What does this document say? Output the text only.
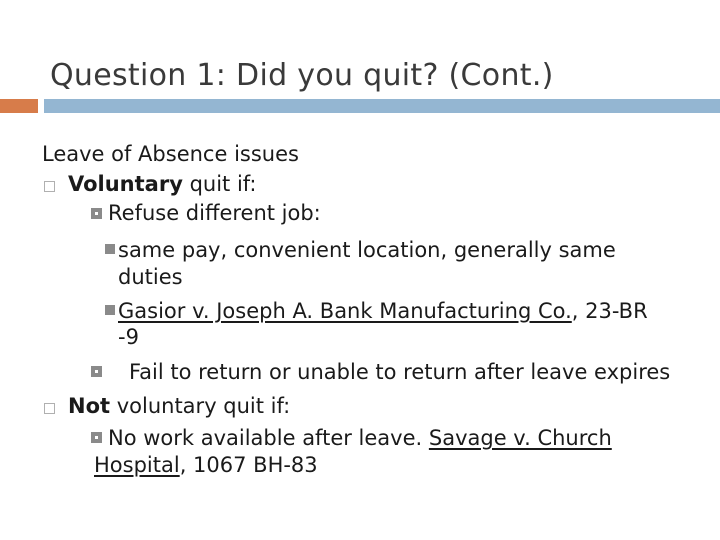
Question 1: Did you quit? (Cont.)
Leave of Absence issues
Voluntary quit if:
Refuse different job:
same pay, convenient location, generally same
duties
Gasior v. Joseph A. Bank Manufacturing Co., 23-BR
-9
Fail to return or unable to return after leave expires
Not voluntary quit if:
No work available after leave. Savage v. Church
Hospital, 1067 BH-83
